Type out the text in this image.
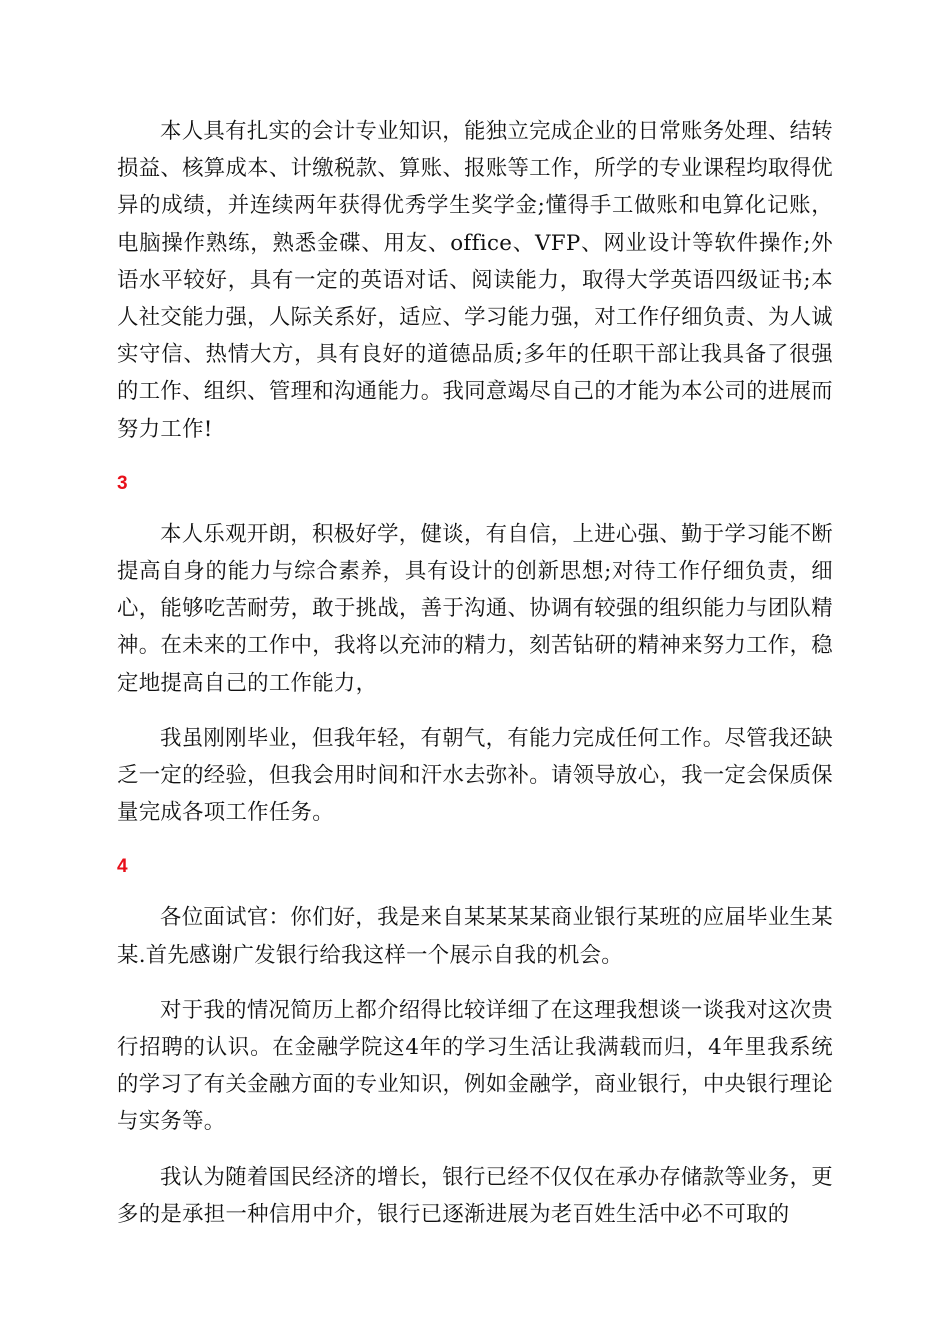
本人具有扎实的会计专业知识，能独立完成企业的日常账务处理、结转损益、核算成本、计缴税款、算账、报账等工作，所学的专业课程均取得优异的成绩，并连续两年获得优秀学生奖学金;懂得手工做账和电算化记账，电脑操作熟练，熟悉金碟、用友、office、VFP、网业设计等软件操作;外语水平较好，具有一定的英语对话、阅读能力，取得大学英语四级证书;本人社交能力强，人际关系好，适应、学习能力强，对工作仔细负责、为人诚实守信、热情大方，具有良好的道德品质;多年的任职干部让我具备了很强的工作、组织、管理和沟通能力。我同意竭尽自己的才能为本公司的进展而努力工作!

3

本人乐观开朗，积极好学，健谈，有自信，上进心强、勤于学习能不断提高自身的能力与综合素养，具有设计的创新思想;对待工作仔细负责，细心，能够吃苦耐劳，敢于挑战，善于沟通、协调有较强的组织能力与团队精神。在未来的工作中，我将以充沛的精力，刻苦钻研的精神来努力工作，稳定地提高自己的工作能力，

我虽刚刚毕业，但我年轻，有朝气，有能力完成任何工作。尽管我还缺乏一定的经验，但我会用时间和汗水去弥补。请领导放心，我一定会保质保量完成各项工作任务。

4

各位面试官：你们好，我是来自某某某某商业银行某班的应届毕业生某某.首先感谢广发银行给我这样一个展示自我的机会。

对于我的情况简历上都介绍得比较详细了在这理我想谈一谈我对这次贵行招聘的认识。在金融学院这4年的学习生活让我满载而归，4年里我系统的学习了有关金融方面的专业知识，例如金融学，商业银行，中央银行理论与实务等。

我认为随着国民经济的增长，银行已经不仅仅在承办存储款等业务，更多的是承担一种信用中介，银行已逐渐进展为老百姓生活中必不可取的
